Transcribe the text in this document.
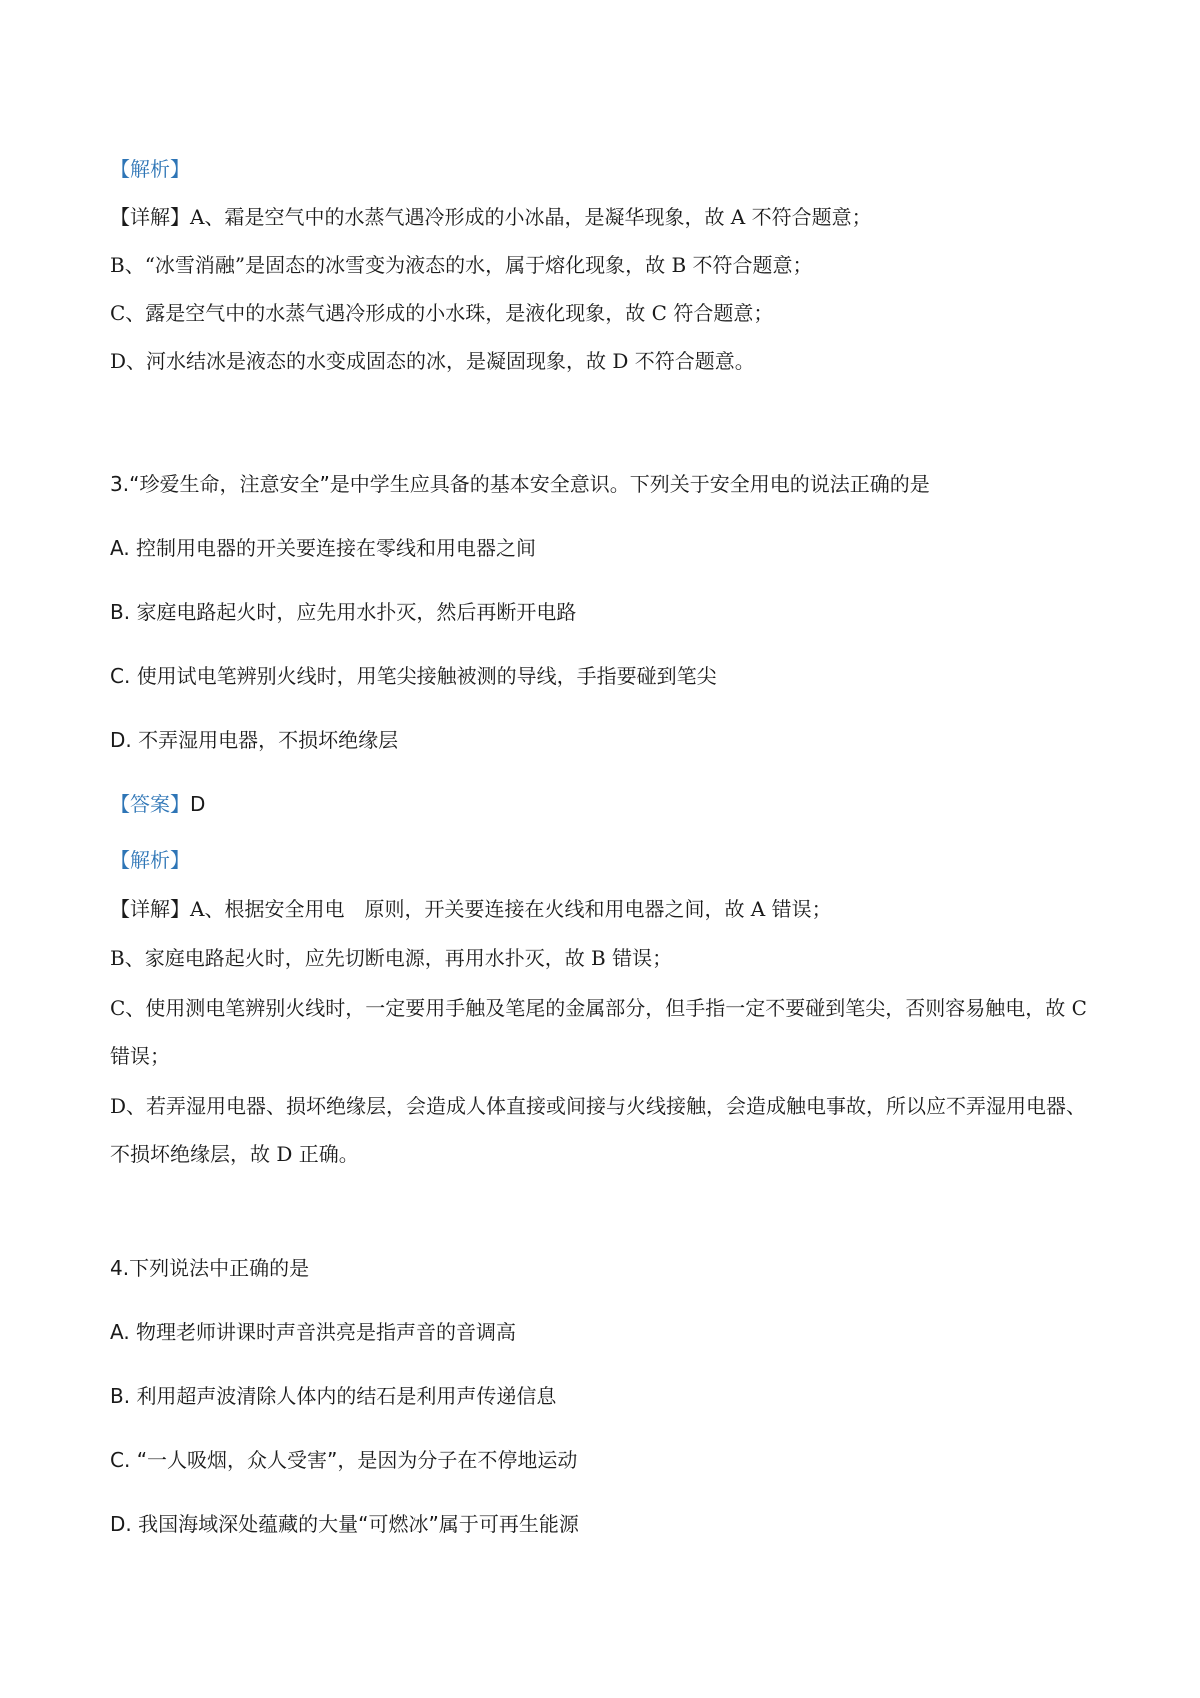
【解析】
【详解】A、霜是空气中的水蒸气遇冷形成的小冰晶，是凝华现象，故 A 不符合题意；
B、“冰雪消融”是固态的冰雪变为液态的水，属于熔化现象，故 B 不符合题意；
C、露是空气中的水蒸气遇冷形成的小水珠，是液化现象，故 C 符合题意；
D、河水结冰是液态的水变成固态的冰，是凝固现象，故 D 不符合题意。
3.“珍爱生命，注意安全”是中学生应具备的基本安全意识。下列关于安全用电的说法正确的是
A. 控制用电器的开关要连接在零线和用电器之间
B. 家庭电路起火时，应先用水扑灭，然后再断开电路
C. 使用试电笔辨别火线时，用笔尖接触被测的导线，手指要碰到笔尖
D. 不弄湿用电器，不损坏绝缘层
【答案】D
【解析】
【详解】A、根据安全用电　原则，开关要连接在火线和用电器之间，故 A 错误；
B、家庭电路起火时，应先切断电源，再用水扑灭，故 B 错误；
C、使用测电笔辨别火线时，一定要用手触及笔尾的金属部分，但手指一定不要碰到笔尖，否则容易触电，故 C 错误；
D、若弄湿用电器、损坏绝缘层，会造成人体直接或间接与火线接触，会造成触电事故，所以应不弄湿用电器、不损坏绝缘层，故 D 正确。
4.下列说法中正确的是
A. 物理老师讲课时声音洪亮是指声音的音调高
B. 利用超声波清除人体内的结石是利用声传递信息
C. “一人吸烟，众人受害”，是因为分子在不停地运动
D. 我国海域深处蕴藏的大量“可燃冰”属于可再生能源
